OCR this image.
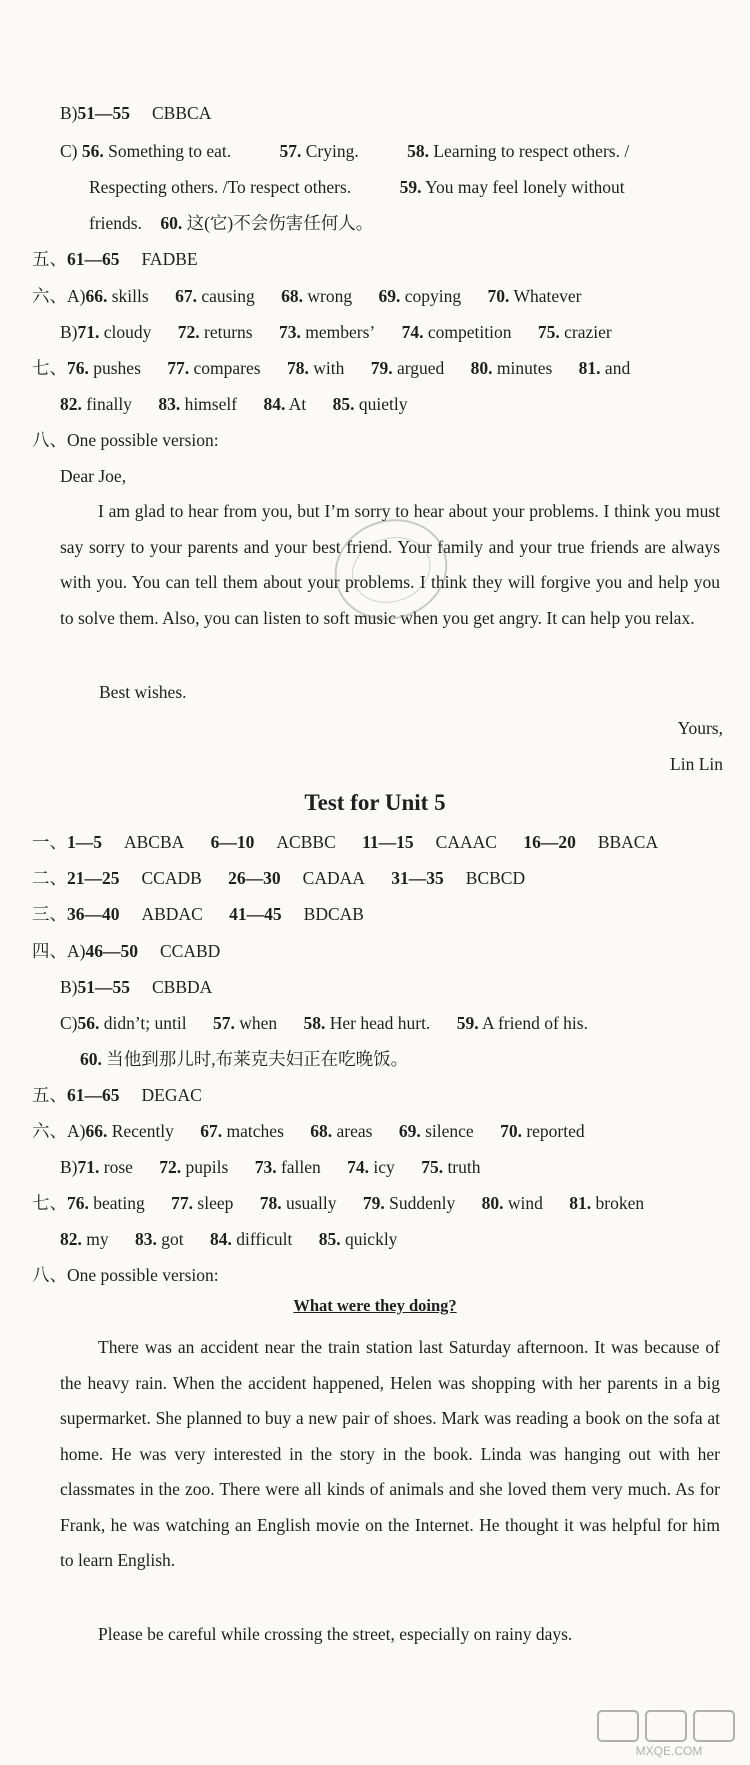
B)51—55 CBBCA
C) 56. Something to eat.	57. Crying.	58. Learning to respect others. /
Respecting others. /To respect others.	59. You may feel lonely without
friends. 60. 这(它)不会伤害任何人。
五、61—65 FADBE
六、A)66. skills 67. causing 68. wrong 69. copying 70. Whatever
B)71. cloudy 72. returns 73. members’ 74. competition 75. crazier
七、76. pushes 77. compares 78. with 79. argued 80. minutes 81. and
82. finally 83. himself 84. At 85. quietly
八、One possible version:
Dear Joe,
I am glad to hear from you, but I’m sorry to hear about your problems. I think you must say sorry to your parents and your best friend. Your family and your true friends are always with you. You can tell them about your problems. I think they will forgive you and help you to solve them. Also, you can listen to soft music when you get angry. It can help you relax.
Best wishes.
Yours,
Lin Lin
Test for Unit 5
一、1—5 ABCBA 6—10 ACBBC 11—15 CAAAC 16—20 BBACA
二、21—25 CCADB 26—30 CADAA 31—35 BCBCD
三、36—40 ABDAC 41—45 BDCAB
四、A)46—50 CCABD
B)51—55 CBBDA
C)56. didn’t; until 57. when 58. Her head hurt. 59. A friend of his.
60. 当他到那儿时,布莱克夫妇正在吃晚饭。
五、61—65 DEGAC
六、A)66. Recently 67. matches 68. areas 69. silence 70. reported
B)71. rose 72. pupils 73. fallen 74. icy 75. truth
七、76. beating 77. sleep 78. usually 79. Suddenly 80. wind 81. broken
82. my 83. got 84. difficult 85. quickly
八、One possible version:
What were they doing?
There was an accident near the train station last Saturday afternoon. It was because of the heavy rain. When the accident happened, Helen was shopping with her parents in a big supermarket. She planned to buy a new pair of shoes. Mark was reading a book on the sofa at home. He was very interested in the story in the book. Linda was hanging out with her classmates in the zoo. There were all kinds of animals and she loved them very much. As for Frank, he was watching an English movie on the Internet. He thought it was helpful for him to learn English.
Please be careful while crossing the street, especially on rainy days.
MXQE.COM
